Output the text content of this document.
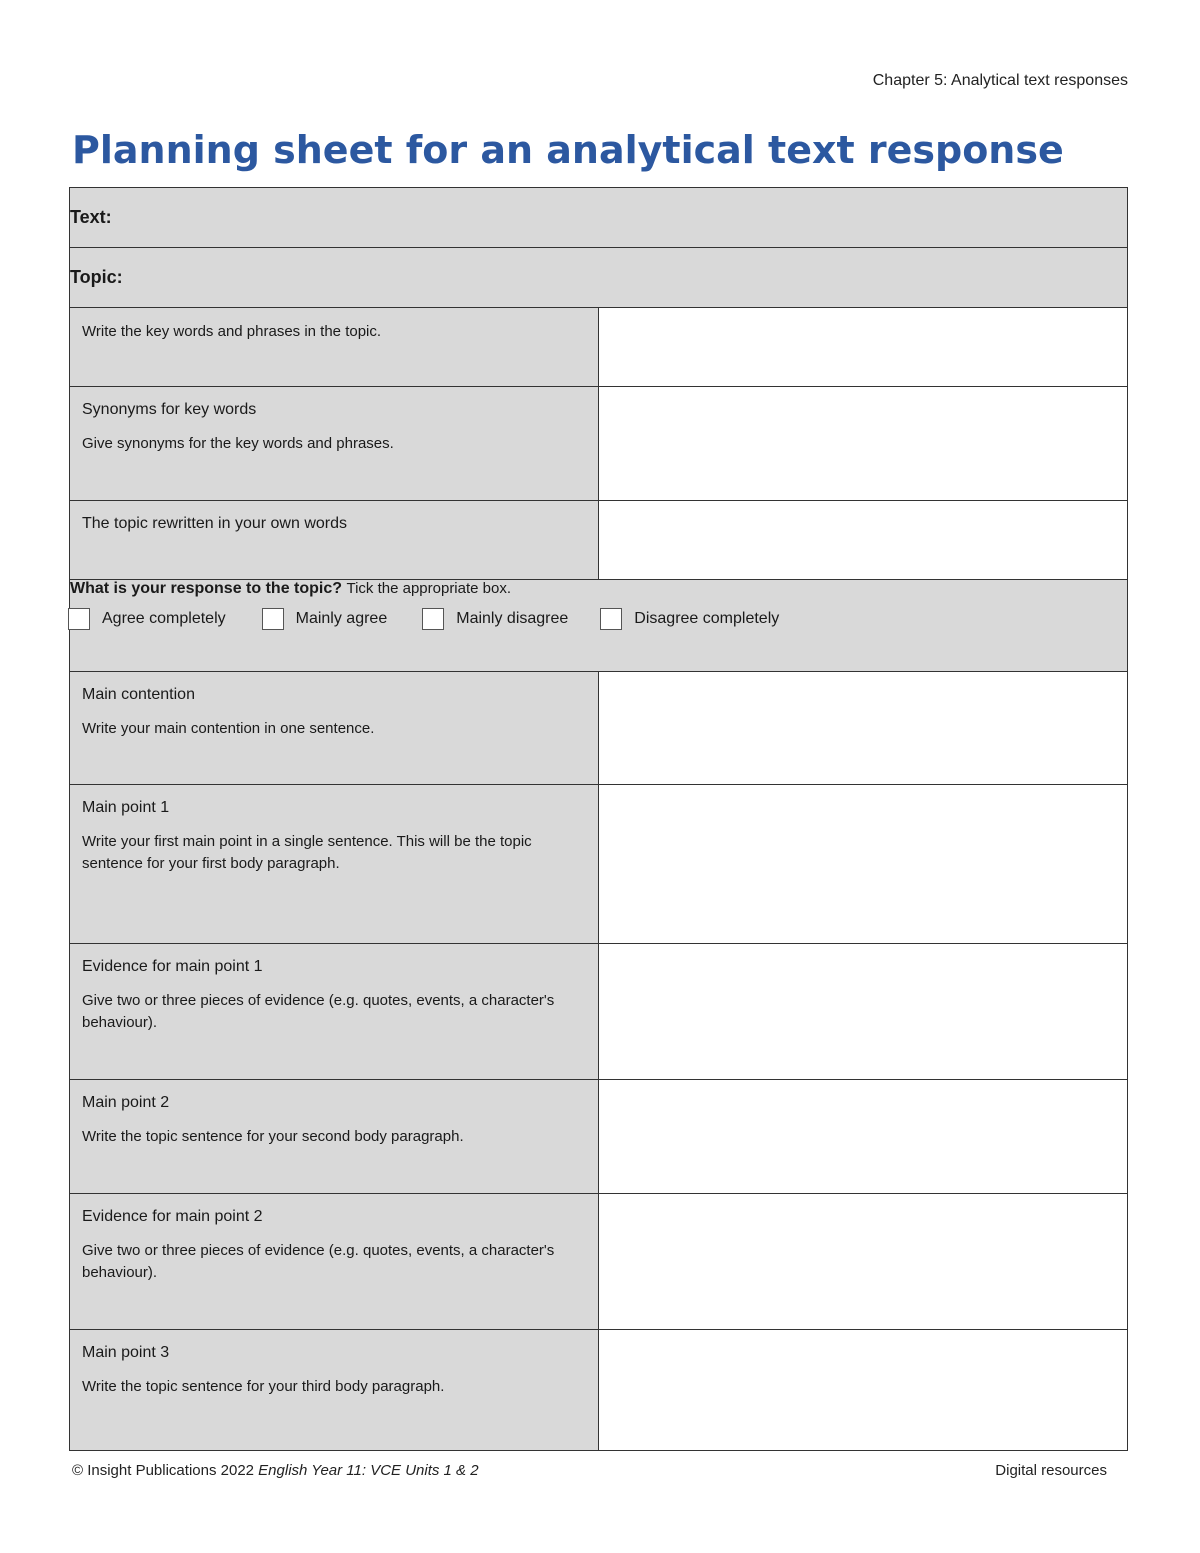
Chapter 5: Analytical text responses
Planning sheet for an analytical text response
Text:	
Topic:	

Write the key words and phrases in the topic.	

Synonyms for key words
Give synonyms for the key words and phrases.	

The topic rewritten in your own words	

What is your response to the topic? Tick the appropriate box.
Agree completely Mainly agree Mainly disagree Disagree completely	

Main contention
Write your main contention in one sentence.	

Main point 1
Write your first main point in a single sentence. This will be the topic sentence for your first body paragraph.	

Evidence for main point 1
Give two or three pieces of evidence (e.g. quotes, events, a character's behaviour).	

Main point 2
Write the topic sentence for your second body paragraph.	

Evidence for main point 2
Give two or three pieces of evidence (e.g. quotes, events, a character's behaviour).	

Main point 3
Write the topic sentence for your third body paragraph.	

© Insight Publications 2022 English Year 11: VCE Units 1 & 2	Digital resources
